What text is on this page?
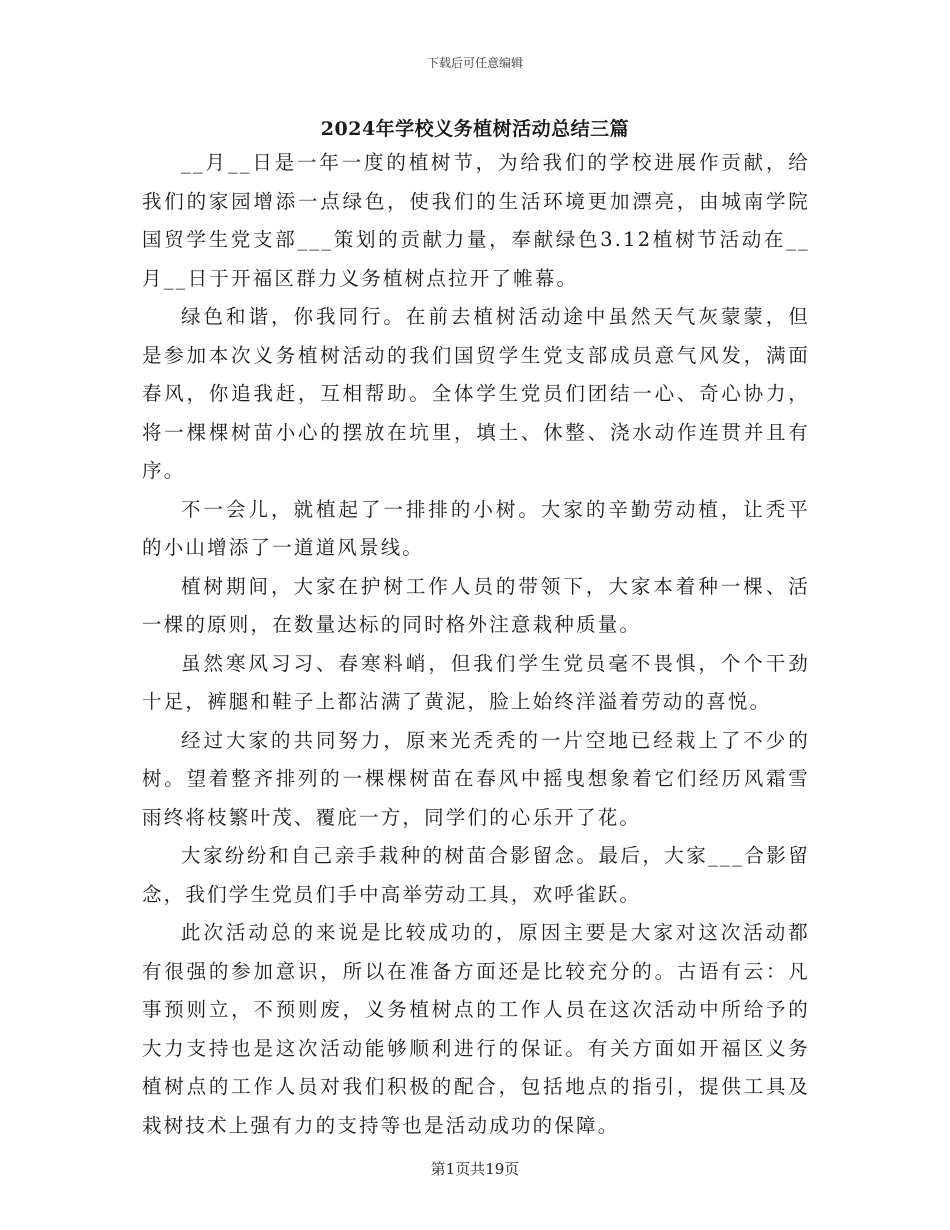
下载后可任意编辑
2024年学校义务植树活动总结三篇

__月__日是一年一度的植树节，为给我们的学校进展作贡献，给我们的家园增添一点绿色，使我们的生活环境更加漂亮，由城南学院国贸学生党支部___策划的贡献力量，奉献绿色3.12植树节活动在__月__日于开福区群力义务植树点拉开了帷幕。

绿色和谐，你我同行。在前去植树活动途中虽然天气灰蒙蒙，但是参加本次义务植树活动的我们国贸学生党支部成员意气风发，满面春风，你追我赶，互相帮助。全体学生党员们团结一心、奇心协力，将一棵棵树苗小心的摆放在坑里，填土、休整、浇水动作连贯并且有序。

不一会儿，就植起了一排排的小树。大家的辛勤劳动植，让秃平的小山增添了一道道风景线。

植树期间，大家在护树工作人员的带领下，大家本着种一棵、活一棵的原则，在数量达标的同时格外注意栽种质量。

虽然寒风习习、春寒料峭，但我们学生党员毫不畏惧，个个干劲十足，裤腿和鞋子上都沾满了黄泥，脸上始终洋溢着劳动的喜悦。

经过大家的共同努力，原来光秃秃的一片空地已经栽上了不少的树。望着整齐排列的一棵棵树苗在春风中摇曳想象着它们经历风霜雪雨终将枝繁叶茂、覆庇一方，同学们的心乐开了花。

大家纷纷和自己亲手栽种的树苗合影留念。最后，大家___合影留念，我们学生党员们手中高举劳动工具，欢呼雀跃。

此次活动总的来说是比较成功的，原因主要是大家对这次活动都有很强的参加意识，所以在准备方面还是比较充分的。古语有云：凡事预则立，不预则废，义务植树点的工作人员在这次活动中所给予的大力支持也是这次活动能够顺利进行的保证。有关方面如开福区义务植树点的工作人员对我们积极的配合，包括地点的指引，提供工具及栽树技术上强有力的支持等也是活动成功的保障。

第1页共19页
